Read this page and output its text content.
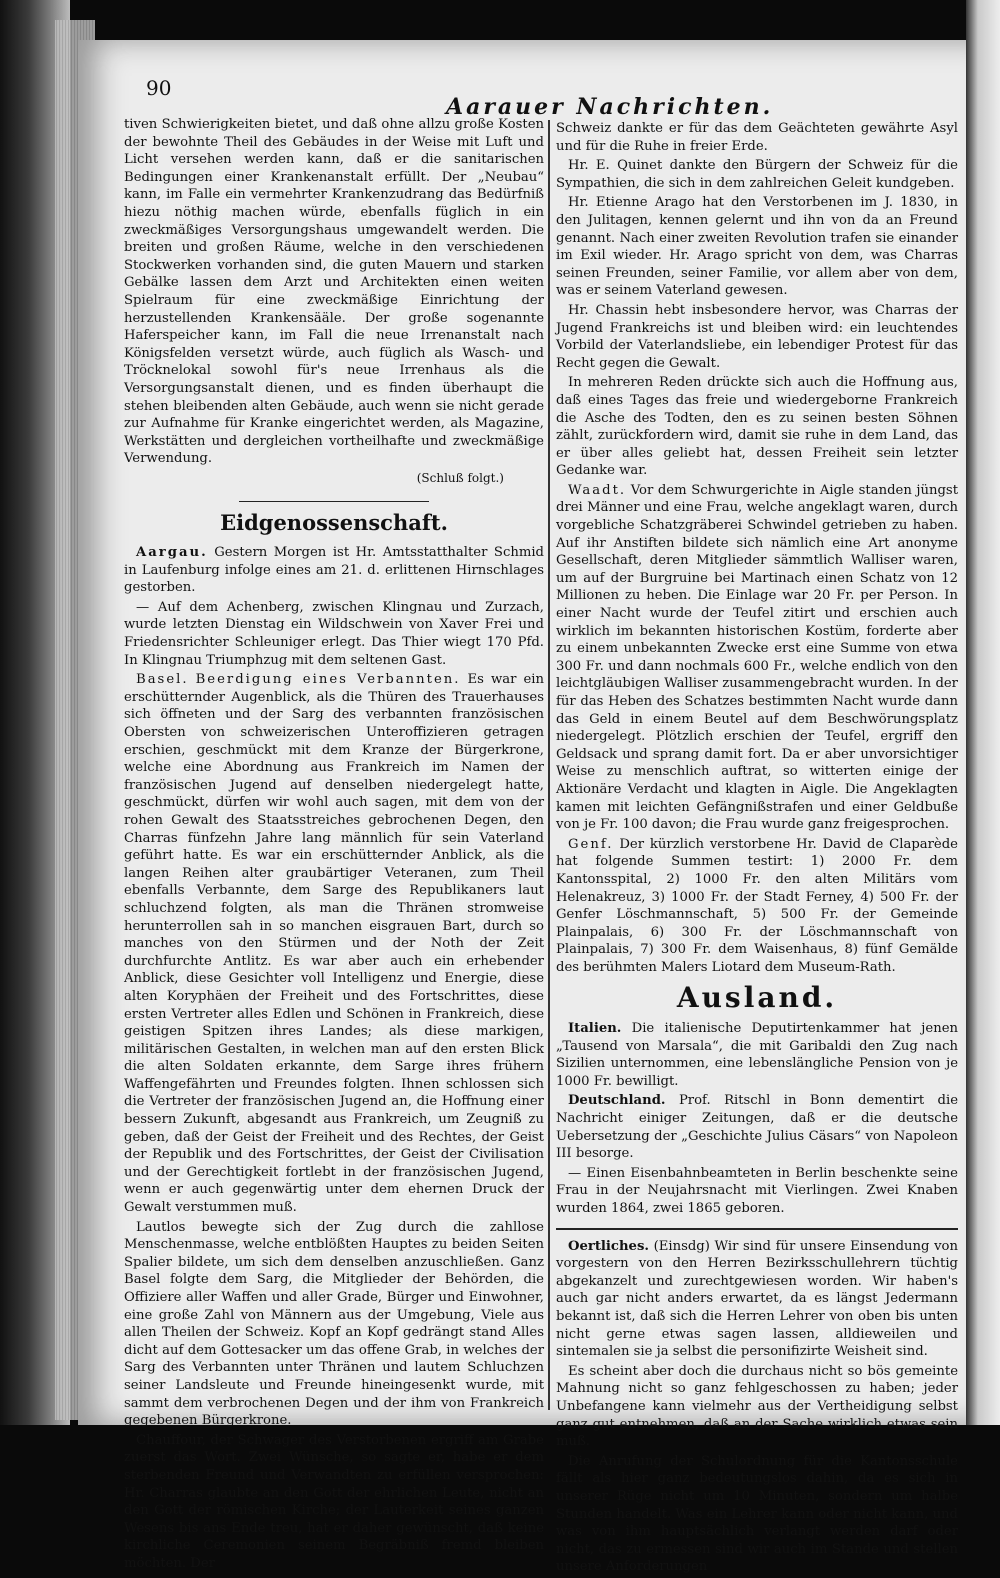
90
Aarauer Nachrichten.

tiven Schwierigkeiten bietet, und daß ohne allzu große Kosten der bewohnte Theil des Gebäudes in der Weise mit Luft und Licht versehen werden kann, daß er die sanitarischen Bedingungen einer Krankenanstalt erfüllt. Der „Neubau“ kann, im Falle ein vermehrter Krankenzudrang das Bedürfniß hiezu nöthig machen würde, ebenfalls füglich in ein zweckmäßiges Versorgungshaus umgewandelt werden. Die breiten und großen Räume, welche in den verschiedenen Stockwerken vorhanden sind, die guten Mauern und starken Gebälke lassen dem Arzt und Architekten einen weiten Spielraum für eine zweckmäßige Einrichtung der herzustellenden Krankensääle. Der große sogenannte Haferspeicher kann, im Fall die neue Irrenanstalt nach Königsfelden versetzt würde, auch füglich als Wasch- und Tröcknelokal sowohl für's neue Irrenhaus als die Versorgungsanstalt dienen, und es finden überhaupt die stehen bleibenden alten Gebäude, auch wenn sie nicht gerade zur Aufnahme für Kranke eingerichtet werden, als Magazine, Werkstätten und dergleichen vortheilhafte und zweckmäßige Verwendung.

(Schluß folgt.)
Eidgenossenschaft.

Aargau. Gestern Morgen ist Hr. Amtsstatthalter Schmid in Laufenburg infolge eines am 21. d. erlittenen Hirnschlages gestorben.

— Auf dem Achenberg, zwischen Klingnau und Zurzach, wurde letzten Dienstag ein Wildschwein von Xaver Frei und Friedensrichter Schleuniger erlegt. Das Thier wiegt 170 Pfd. In Klingnau Triumphzug mit dem seltenen Gast.

Basel. Beerdigung eines Verbannten. Es war ein erschütternder Augenblick, als die Thüren des Trauerhauses sich öffneten und der Sarg des verbannten französischen Obersten von schweizerischen Unteroffizieren getragen erschien, geschmückt mit dem Kranze der Bürgerkrone, welche eine Abordnung aus Frankreich im Namen der französischen Jugend auf denselben niedergelegt hatte, geschmückt, dürfen wir wohl auch sagen, mit dem von der rohen Gewalt des Staatsstreiches gebrochenen Degen, den Charras fünfzehn Jahre lang männlich für sein Vaterland geführt hatte. Es war ein erschütternder Anblick, als die langen Reihen alter graubärtiger Veteranen, zum Theil ebenfalls Verbannte, dem Sarge des Republikaners laut schluchzend folgten, als man die Thränen stromweise herunterrollen sah in so manchen eisgrauen Bart, durch so manches von den Stürmen und der Noth der Zeit durchfurchte Antlitz. Es war aber auch ein erhebender Anblick, diese Gesichter voll Intelligenz und Energie, diese alten Koryphäen der Freiheit und des Fortschrittes, diese ersten Vertreter alles Edlen und Schönen in Frankreich, diese geistigen Spitzen ihres Landes; als diese markigen, militärischen Gestalten, in welchen man auf den ersten Blick die alten Soldaten erkannte, dem Sarge ihres frühern Waffengefährten und Freundes folgten. Ihnen schlossen sich die Vertreter der französischen Jugend an, die Hoffnung einer bessern Zukunft, abgesandt aus Frankreich, um Zeugniß zu geben, daß der Geist der Freiheit und des Rechtes, der Geist der Republik und des Fortschrittes, der Geist der Civilisation und der Gerechtigkeit fortlebt in der französischen Jugend, wenn er auch gegenwärtig unter dem ehernen Druck der Gewalt verstummen muß.

Lautlos bewegte sich der Zug durch die zahllose Menschenmasse, welche entblößten Hauptes zu beiden Seiten Spalier bildete, um sich dem denselben anzuschließen. Ganz Basel folgte dem Sarg, die Mitglieder der Behörden, die Offiziere aller Waffen und aller Grade, Bürger und Einwohner, eine große Zahl von Männern aus der Umgebung, Viele aus allen Theilen der Schweiz. Kopf an Kopf gedrängt stand Alles dicht auf dem Gottesacker um das offene Grab, in welches der Sarg des Verbannten unter Thränen und lautem Schluchzen seiner Landsleute und Freunde hineingesenkt wurde, mit sammt dem verbrochenen Degen und der ihm von Frankreich gegebenen Bürgerkrone.

Chauffour, der Schwager des Verstorbenen ergriff am Grabe zuerst das Wort. Zwei Wünsche, so sagte er, habe er dem sterbenden Freund und Verwandten zu erfüllen versprochen: Hr. Charras glaubte an den Gott der ehrlichen Leute, nicht an den Gott der römischen Kirche; der Lauterkeit seines ganzen Wesens bis ans Ende treu, hat er daher gewünscht, daß keine kirchliche Ceremonien seinem Begräbniß fremd bleiben möchten. Der

Schweiz dankte er für das dem Geächteten gewährte Asyl und für die Ruhe in freier Erde.

Hr. E. Quinet dankte den Bürgern der Schweiz für die Sympathien, die sich in dem zahlreichen Geleit kundgeben.

Hr. Etienne Arago hat den Verstorbenen im J. 1830, in den Julitagen, kennen gelernt und ihn von da an Freund genannt. Nach einer zweiten Revolution trafen sie einander im Exil wieder. Hr. Arago spricht von dem, was Charras seinen Freunden, seiner Familie, vor allem aber von dem, was er seinem Vaterland gewesen.

Hr. Chassin hebt insbesondere hervor, was Charras der Jugend Frankreichs ist und bleiben wird: ein leuchtendes Vorbild der Vaterlandsliebe, ein lebendiger Protest für das Recht gegen die Gewalt.

In mehreren Reden drückte sich auch die Hoffnung aus, daß eines Tages das freie und wiedergeborne Frankreich die Asche des Todten, den es zu seinen besten Söhnen zählt, zurückfordern wird, damit sie ruhe in dem Land, das er über alles geliebt hat, dessen Freiheit sein letzter Gedanke war.

Waadt. Vor dem Schwurgerichte in Aigle standen jüngst drei Männer und eine Frau, welche angeklagt waren, durch vorgebliche Schatzgräberei Schwindel getrieben zu haben. Auf ihr Anstiften bildete sich nämlich eine Art anonyme Gesellschaft, deren Mitglieder sämmtlich Walliser waren, um auf der Burgruine bei Martinach einen Schatz von 12 Millionen zu heben. Die Einlage war 20 Fr. per Person. In einer Nacht wurde der Teufel zitirt und erschien auch wirklich im bekannten historischen Kostüm, forderte aber zu einem unbekannten Zwecke erst eine Summe von etwa 300 Fr. und dann nochmals 600 Fr., welche endlich von den leichtgläubigen Walliser zusammengebracht wurden. In der für das Heben des Schatzes bestimmten Nacht wurde dann das Geld in einem Beutel auf dem Beschwörungsplatz niedergelegt. Plötzlich erschien der Teufel, ergriff den Geldsack und sprang damit fort. Da er aber unvorsichtiger Weise zu menschlich auftrat, so witterten einige der Aktionäre Verdacht und klagten in Aigle. Die Angeklagten kamen mit leichten Gefängnißstrafen und einer Geldbuße von je Fr. 100 davon; die Frau wurde ganz freigesprochen.

Genf. Der kürzlich verstorbene Hr. David de Claparède hat folgende Summen testirt: 1) 2000 Fr. dem Kantonsspital, 2) 1000 Fr. den alten Militärs vom Helenakreuz, 3) 1000 Fr. der Stadt Ferney, 4) 500 Fr. der Genfer Löschmannschaft, 5) 500 Fr. der Gemeinde Plainpalais, 6) 300 Fr. der Löschmannschaft von Plainpalais, 7) 300 Fr. dem Waisenhaus, 8) fünf Gemälde des berühmten Malers Liotard dem Museum-Rath.

Ausland.

Italien. Die italienische Deputirtenkammer hat jenen „Tausend von Marsala“, die mit Garibaldi den Zug nach Sizilien unternommen, eine lebenslängliche Pension von je 1000 Fr. bewilligt.

Deutschland. Prof. Ritschl in Bonn dementirt die Nachricht einiger Zeitungen, daß er die deutsche Uebersetzung der „Geschichte Julius Cäsars“ von Napoleon III besorge.

— Einen Eisenbahnbeamteten in Berlin beschenkte seine Frau in der Neujahrsnacht mit Vierlingen. Zwei Knaben wurden 1864, zwei 1865 geboren.

Oertliches. (Einsdg) Wir sind für unsere Einsendung von vorgestern von den Herren Bezirksschullehrern tüchtig abgekanzelt und zurechtgewiesen worden. Wir haben's auch gar nicht anders erwartet, da es längst Jedermann bekannt ist, daß sich die Herren Lehrer von oben bis unten nicht gerne etwas sagen lassen, alldieweilen und sintemalen sie ja selbst die personifizirte Weisheit sind.

Es scheint aber doch die durchaus nicht so bös gemeinte Mahnung nicht so ganz fehlgeschossen zu haben; jeder Unbefangene kann vielmehr aus der Vertheidigung selbst ganz gut entnehmen, daß an der Sache wirklich etwas sein muß.

Die Anrufung der Schulordnung für die Kantonsschule fällt als hier ganz bedeutungslos dahin, da es sich in unserer Rüge nicht um 10 Minuten, sondern um halbe Stunden handelt. Was ein Lehrer kann oder nicht kann, und was von ihm hauptsächlich verlangt werden darf oder nicht, das zu ermessen sind wir auch im Stande und stellen unsere Anforderungen
